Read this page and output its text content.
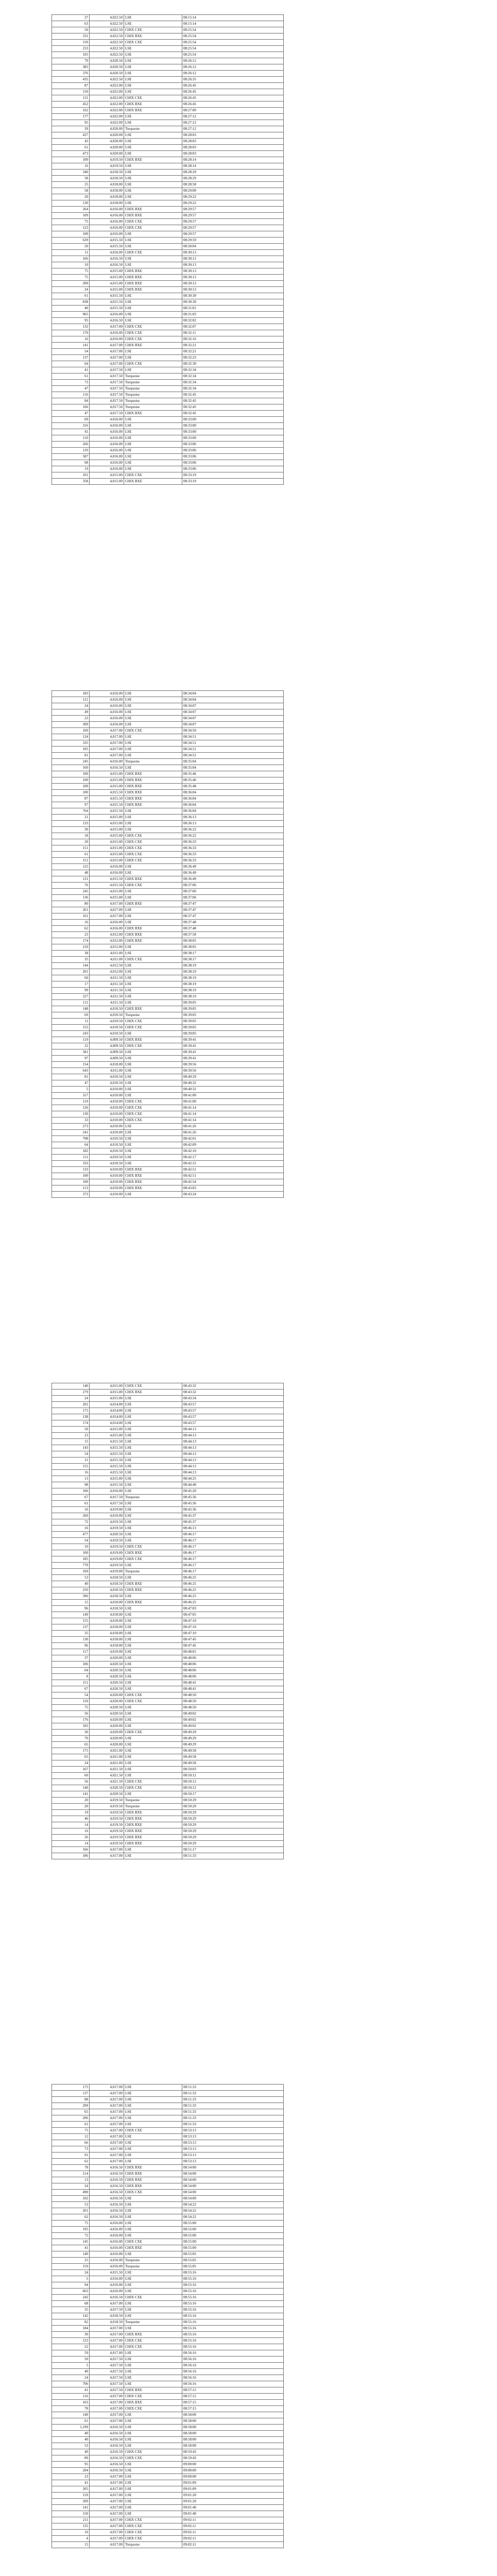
27	4,022.50	LSE	08:15:14
63	4,022.50	LSE	08:15:14
50	4,022.50	CHIX CXE	08:25:54
331	4,022.50	CHIX BXE	08:25:54
150	4,022.50	CHIX CXE	08:25:54
233	4,022.50	LSE	08:25:54
105	4,022.50	LSE	08:25:54
79	4,020.50	LSE	08:26:12
383	4,020.50	LSE	08:26:12
376	4,020.50	LSE	08:26:12
435	4,022.50	LSE	08:26:35
87	4,022.00	LSE	08:26:45
150	4,022.00	LSE	08:26:45
131	4,022.00	CHIX CXE	08:26:45
452	4,022.00	CHIX BXE	08:26:45
162	4,022.00	CHIX BXE	08:27:00
177	4,022.00	LSE	08:27:12
95	4,022.00	LSE	08:27:12
39	4,020.00	Turquoise	08:27:12
437	4,020.00	LSE	08:28:03
43	4,020.00	LSE	08:28:03
61	4,020.00	LSE	08:28:03
473	4,020.00	LSE	08:28:03
100	4,019.50	CHIX BXE	08:28:14
16	4,019.50	LSE	08:28:14
340	4,018.50	LSE	08:28:29
58	4,018.50	LSE	08:28:29
25	4,018.00	LSE	08:28:58
58	4,018.00	LSE	08:29:00
20	4,018.00	LSE	08:29:22
130	4,018.00	LSE	08:29:22
264	4,016.00	CHIX BXE	08:29:57
109	4,016.00	CHIX BXE	08:29:57
75	4,016.00	CHIX CXE	08:29:57
123	4,016.00	CHIX CXE	08:29:57
100	4,016.00	LSE	08:29:57
639	4,015.50	LSE	08:29:59
50	4,015.50	LSE	08:30:04
11	4,016.00	CHIX CXE	08:30:13
166	4,016.50	LSE	08:30:13
10	4,016.50	LSE	08:30:13
75	4,015.00	CHIX BXE	08:30:13
75	4,015.00	CHIX BXE	08:30:13
200	4,015.00	CHIX BXE	08:30:13
24	4,015.00	CHIX BXE	08:30:13
61	4,015.50	LSE	08:30:30
838	4,015.50	LSE	08:30:30
40	4,015.50	LSE	08:31:01
965	4,016.00	LSE	08:31:03
95	4,016.50	LSE	08:32:02
132	4,017.00	CHIX CXE	08:32:07
170	4,016.00	CHIX CXE	08:32:11
16	4,016.00	CHIX CXE	08:32:16
141	4,017.00	CHIX BXE	08:32:21
54	4,017.00	LSE	08:32:21
137	4,017.00	LSE	08:32:23
64	4,017.00	CHIX CXE	08:32:30
41	4,017.50	LSE	08:32:34
61	4,017.50	Turquoise	08:32:34
73	4,017.50	Turquoise	08:32:34
47	4,017.50	Turquoise	08:32:34
116	4,017.50	Turquoise	08:32:45
84	4,017.50	Turquoise	08:32:45
166	4,017.50	Turquoise	08:32:45
47	4,017.50	CHIX BXE	08:32:45
69	4,016.00	LSE	08:33:00
316	4,016.00	LSE	08:33:00
41	4,016.00	LSE	08:33:00
110	4,016.00	LSE	08:33:00
266	4,016.00	LSE	08:33:06
110	4,016.00	LSE	08:33:06
587	4,016.00	LSE	08:33:06
68	4,016.00	LSE	08:33:06
19	4,016.00	LSE	08:33:06
101	4,015.00	CHIX CXE	08:33:19
358	4,015.00	CHIX BXE	08:33:19
183	4,016.00	LSE	08:34:04
121	4,016.00	LSE	08:34:04
24	4,016.00	LSE	08:34:07
49	4,016.00	LSE	08:34:07
23	4,016.00	LSE	08:34:07
309	4,016.00	LSE	08:34:07
160	4,017.00	CHIX CXE	08:34:50
124	4,017.00	LSE	08:34:51
335	4,017.00	LSE	08:34:51
105	4,017.00	LSE	08:34:51
81	4,017.00	LSE	08:34:51
245	4,016.00	Turquoise	08:35:04
160	4,016.50	LSE	08:35:04
100	4,015.00	CHIX BXE	08:35:46
100	4,015.00	CHIX BXE	08:35:46
100	4,015.00	CHIX BXE	08:35:48
100	4,015.50	CHIX BXE	08:36:04
87	4,015.50	CHIX BXE	08:36:04
97	4,015.50	CHIX BXE	08:36:04
764	4,015.50	LSE	08:36:04
21	4,015.00	LSE	08:36:13
133	4,015.00	LSE	08:36:13
30	4,015.00	LSE	08:36:22
18	4,015.00	CHIX CXE	08:36:22
20	4,015.00	CHIX CXE	08:36:33
151	4,015.00	CHIX CXE	08:36:33
61	4,015.00	CHIX CXE	08:36:33
151	4,015.00	CHIX CXE	08:36:33
125	4,016.00	LSE	08:36:49
48	4,016.00	LSE	08:36:49
131	4,015.50	CHIX BXE	08:36:49
76	4,015.50	CHIX CXE	08:37:06
245	4,015.00	LSE	08:37:06
136	4,015.00	LSE	08:37:06
80	4,017.00	CHIX BXE	08:37:47
261	4,017.00	LSE	08:37:47
161	4,017.00	LSE	08:37:47
16	4,016.00	LSE	08:37:48
62	4,016.00	CHIX BXE	08:37:48
23	4,012.00	CHIX BXE	08:37:58
174	4,012.00	CHIX BXE	08:38:05
210	4,012.00	LSE	08:38:05
38	4,011.00	LSE	08:38:17
35	4,011.00	CHIX CXE	08:38:17
144	4,012.50	LSE	08:38:19
201	4,012.00	LSE	08:38:19
60	4,011.50	LSE	08:38:19
17	4,011.50	LSE	08:38:19
99	4,011.50	LSE	08:38:19
227	4,011.50	LSE	08:38:19
111	4,011.50	LSE	08:39:05
148	4,010.50	CHIX BXE	08:39:05
69	4,010.50	Turquoise	08:39:05
11	4,010.50	CHIX CXE	08:39:05
155	4,010.50	CHIX CXE	08:39:05
243	4,010.50	LSE	08:39:05
119	4,009.50	CHIX BXE	08:39:41
22	4,009.50	CHIX CXE	08:39:41
581	4,009.50	LSE	08:39:41
97	4,009.50	LSE	08:39:41
154	4,010.00	LSE	08:39:56
643	4,011.00	LSE	08:39:56
81	4,010.50	LSE	08:40:29
47	4,010.50	LSE	08:40:32
5	4,010.00	LSE	08:40:32
317	4,010.00	LSE	08:41:00
119	4,010.00	CHIX CXE	08:41:00
126	4,010.00	CHIX CXE	08:41:14
130	4,010.00	CHIX CXE	08:41:14
33	4,010.00	CHIX CXE	08:41:14
273	4,010.00	LSE	08:41:26
241	4,010.00	LSE	08:41:26
708	4,010.50	LSE	08:42:01
64	4,010.50	LSE	08:42:09
182	4,010.50	LSE	08:42:10
111	4,010.50	LSE	08:42:17
333	4,010.50	LSE	08:42:31
133	4,010.00	CHIX BXE	08:42:51
100	4,010.00	CHIX BXE	08:42:51
100	4,010.00	CHIX BXE	08:42:54
113	4,010.00	CHIX BXE	08:43:03
373	4,010.00	LSE	08:43:24
140	4,015.00	CHIX CXE	08:43:32
279	4,015.00	CHIX BXE	08:43:32
24	4,015.00	LSE	08:43:34
201	4,014.00	LSE	08:43:57
175	4,014.00	LSE	08:43:57
138	4,014.00	LSE	08:43:57
174	4,014.00	LSE	08:43:57
50	4,015.00	LSE	08:44:13
23	4,015.00	LSE	08:44:13
15	4,015.50	LSE	08:44:13
143	4,015.50	LSE	08:44:13
54	4,015.50	LSE	08:44:13
31	4,015.50	LSE	08:44:13
155	4,015.50	LSE	08:44:13
16	4,015.50	LSE	08:44:13
13	4,015.00	LSE	08:44:25
98	4,015.50	LSE	08:44:40
106	4,016.00	LSE	08:45:20
67	4,017.50	Turquoise	08:45:36
61	4,017.50	LSE	08:45:36
16	4,019.00	LSE	08:45:36
260	4,019.00	LSE	08:45:37
72	4,019.50	LSE	08:45:37
16	4,019.50	LSE	08:46:13
477	4,020.50	LSE	08:46:17
54	4,019.50	LSE	08:46:17
10	4,019.50	CHIX CXE	08:46:17
100	4,019.00	CHIX BXE	08:46:17
185	4,019.00	CHIX CXE	08:46:17
770	4,019.50	LSE	08:46:17
169	4,019.00	Turquoise	08:46:17
53	4,018.50	LSE	08:46:25
40	4,018.50	CHIX BXE	08:46:25
250	4,018.50	CHIX BXE	08:46:25
396	4,018.50	LSE	08:46:25
15	4,018.00	CHIX BXE	08:46:25
96	4,018.50	LSE	08:47:03
149	4,018.00	LSE	08:47:05
155	4,018.00	LSE	08:47:10
137	4,018.00	LSE	08:47:10
35	4,018.00	LSE	08:47:10
130	4,018.00	LSE	08:47:45
96	4,018.00	LSE	08:47:45
117	4,019.00	LSE	08:48:01
37	4,020.00	LSE	08:48:06
106	4,020.50	LSE	08:48:06
64	4,020.50	LSE	08:48:06
8	4,020.50	LSE	08:48:06
151	4,020.50	LSE	08:48:41
67	4,020.50	LSE	08:48:41
54	4,020.00	CHIX CXE	08:48:50
150	4,020.00	CHIX CXE	08:48:50
75	4,020.50	LSE	08:48:50
56	4,020.50	LSE	08:49:02
176	4,020.00	LSE	08:49:02
183	4,020.00	LSE	08:49:02
36	4,020.00	CHIX CXE	08:49:29
70	4,020.00	LSE	08:49:29
65	4,020.00	LSE	08:49:29
175	4,021.00	LSE	08:49:58
65	4,021.00	LSE	08:49:58
24	4,021.00	LSE	08:49:58
167	4,021.50	LSE	08:50:03
60	4,021.50	LSE	08:50:12
56	4,021.50	CHIX CXE	08:50:12
140	4,020.50	CHIX CXE	08:50:12
141	4,020.50	LSE	08:50:17
20	4,019.50	Turquoise	08:50:29
20	4,019.50	Turquoise	08:50:29
19	4,019.50	CHIX BXE	08:50:29
46	4,019.50	CHIX BXE	08:50:29
14	4,019.50	CHIX BXE	08:50:29
16	4,019.50	CHIX BXE	08:50:29
26	4,019.50	CHIX BXE	08:50:29
14	4,019.50	CHIX BXE	08:50:29
166	4,017.00	LSE	08:51:17
186	4,017.00	LSE	08:51:33
175	4,017.00	LSE	08:51:33
137	4,017.00	LSE	08:51:33
88	4,017.00	LSE	08:51:33
209	4,017.00	LSE	08:51:33
65	4,017.00	LSE	08:51:33
206	4,017.00	LSE	08:51:33
61	4,017.00	LSE	08:51:33
75	4,017.00	CHIX CXE	08:53:13
12	4,017.00	LSE	08:53:13
66	4,017.00	LSE	08:53:13
73	4,017.00	LSE	08:53:13
91	4,017.00	LSE	08:53:13
62	4,017.00	LSE	08:53:13
78	4,016.50	CHIX BXE	08:54:00
114	4,016.50	CHIX BXE	08:54:00
13	4,016.50	CHIX BXE	08:54:00
24	4,016.50	CHIX BXE	08:54:00
490	4,016.50	CHIX CXE	08:54:00
102	4,016.50	LSE	08:54:00
53	4,016.50	LSE	08:54:22
201	4,016.50	LSE	08:54:22
62	4,016.50	LSE	08:54:22
75	4,016.00	LSE	08:55:00
195	4,016.00	LSE	08:55:00
72	4,016.00	LSE	08:55:00
145	4,016.00	CHIX CXE	08:55:00
41	4,016.00	CHIX BXE	08:55:00
140	4,016.00	LSE	08:55:05
25	4,016.00	Turquoise	08:55:05
159	4,016.00	Turquoise	08:55:05
24	4,015.50	LSE	08:55:16
5	4,016.00	LSE	08:55:16
94	4,016.00	LSE	08:55:16
663	4,016.00	LSE	08:55:16
242	4,016.50	CHIX CXE	08:55:16
68	4,017.00	LSE	08:55:16
35	4,017.50	LSE	08:55:16
142	4,018.50	LSE	08:55:16
82	4,018.50	Turquoise	08:55:16
184	4,017.00	LSE	08:55:16
30	4,017.00	CHIX BXE	08:55:16
123	4,017.00	CHIX CXE	08:55:16
22	4,017.00	CHIX CXE	08:55:16
59	4,017.00	LSE	08:56:16
50	4,017.50	LSE	08:56:16
5	4,017.50	LSE	08:56:16
40	4,017.50	LSE	08:56:16
24	4,017.50	LSE	08:56:16
706	4,017.50	LSE	08:56:16
41	4,017.50	CHIX BXE	08:57:15
116	4,017.00	CHIX CXE	08:57:15
163	4,017.00	CHIX BXE	08:57:15
78	4,017.00	CHIX CXE	08:57:15
140	4,017.00	LSE	08:58:00
61	4,017.00	LSE	08:58:00
1,199	4,016.50	LSE	08:58:00
40	4,016.50	LSE	08:58:00
40	4,016.50	LSE	08:58:00
53	4,016.50	LSE	08:58:00
40	4,016.50	CHIX CXE	08:59:43
89	4,016.50	CHIX CXE	08:59:43
95	4,016.50	LSE	09:00:00
204	4,016.50	LSE	09:00:00
23	4,017.00	LSE	09:00:00
41	4,017.00	LSE	09:01:09
205	4,017.00	LSE	09:01:09
159	4,017.00	LSE	09:01:20
209	4,017.00	LSE	09:01:20
141	4,017.00	LSE	09:01:40
150	4,017.00	LSE	09:01:40
211	4,017.00	CHIX CXE	09:02:11
135	4,017.00	CHIX CXE	09:02:11
10	4,017.00	CHIX CXE	09:02:11
4	4,017.00	CHIX CXE	09:02:11
15	4,017.00	Turquoise	09:02:11
